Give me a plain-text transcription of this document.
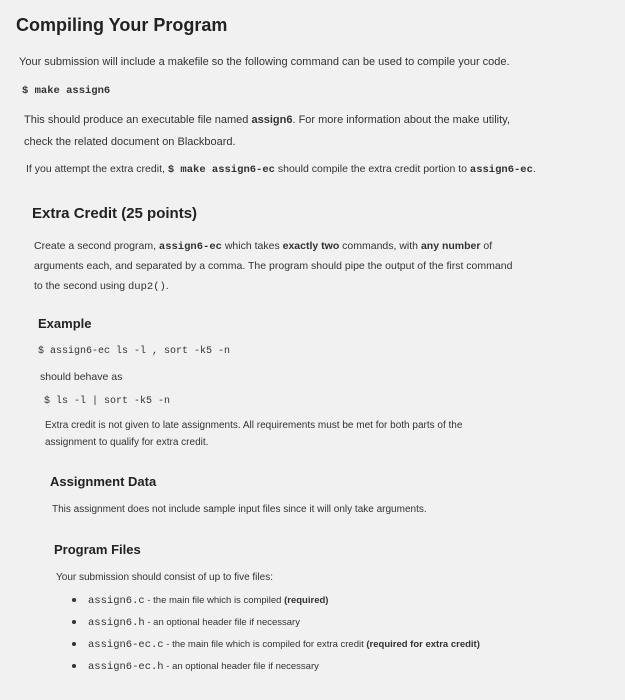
Compiling Your Program
Your submission will include a makefile so the following command can be used to compile your code.
$ make assign6
This should produce an executable file named assign6. For more information about the make utility,
check the related document on Blackboard.
If you attempt the extra credit, $ make assign6-ec should compile the extra credit portion to assign6-ec.
Extra Credit (25 points)
Create a second program, assign6-ec which takes exactly two commands, with any number of
arguments each, and separated by a comma. The program should pipe the output of the first command
to the second using dup2().
Example
$ assign6-ec ls -l , sort -k5 -n
should behave as
$ ls -l | sort -k5 -n
Extra credit is not given to late assignments. All requirements must be met for both parts of the
assignment to qualify for extra credit.
Assignment Data
This assignment does not include sample input files since it will only take arguments.
Program Files
Your submission should consist of up to five files:
assign6.c - the main file which is compiled (required)
assign6.h - an optional header file if necessary
assign6-ec.c - the main file which is compiled for extra credit (required for extra credit)
assign6-ec.h - an optional header file if necessary
